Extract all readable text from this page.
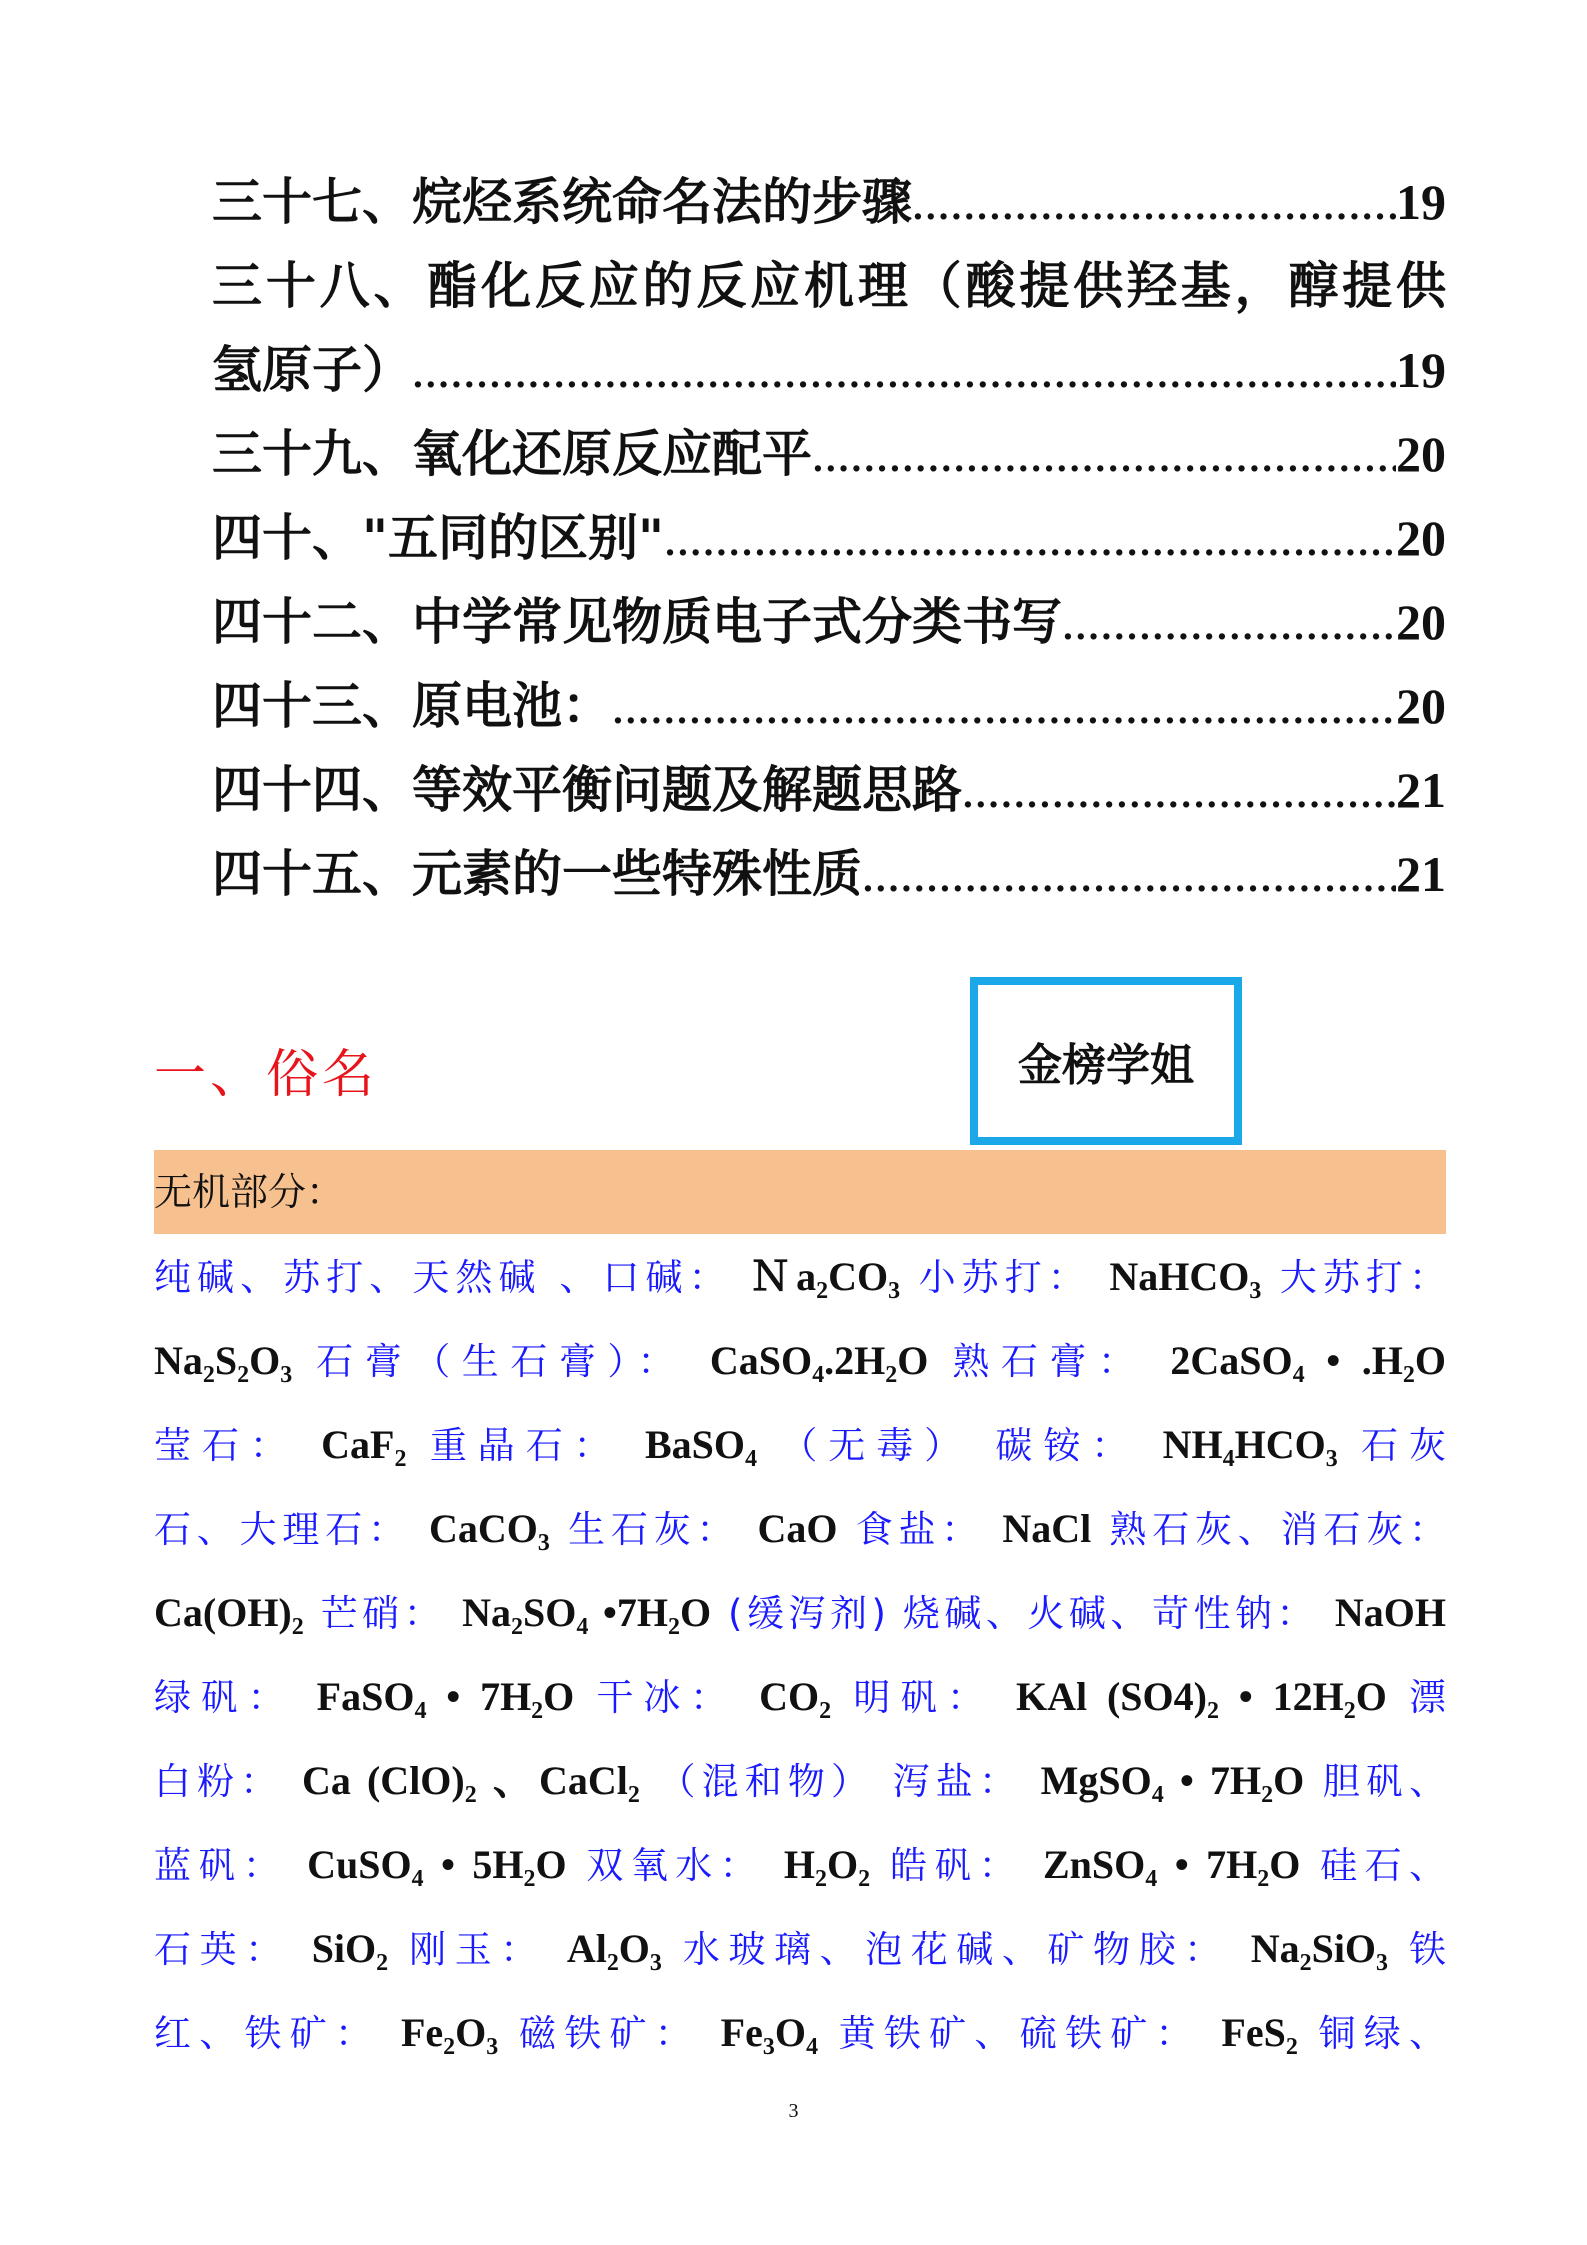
三十七、烷烃系统命名法的步骤 .....	19
三十八、酯化反应的反应机理（酸提供羟基，醇提供
氢原子） .....	19
三十九、氧化还原反应配平 .....	20
四十、"五同的区别" .....	20
四十二、中学常见物质电子式分类书写 .....	20
四十三、原电池： .....	20
四十四、等效平衡问题及解题思路 .....	21
四十五、元素的一些特殊性质 .....	21
一、俗名	金榜学姐
无机部分：
纯碱、苏打、天然碱 、口碱： Ｎa₂CO₃ 小苏打： NaHCO₃ 大苏打：
Na₂S₂O₃ 石膏（生石膏）： CaSO₄.2H₂O 熟石膏： 2CaSO₄ • .H₂O
莹石： CaF₂ 重晶石： BaSO₄ （无毒） 碳铵： NH₄HCO₃ 石灰
石、大理石： CaCO₃ 生石灰： CaO 食盐： NaCl 熟石灰、消石灰：
Ca(OH)₂ 芒硝： Na₂SO₄ •7H₂O (缓泻剂) 烧碱、火碱、苛性钠： NaOH
绿矾： FaSO₄ • 7H₂O 干冰： CO₂ 明矾： KAl (SO4)₂ • 12H₂O 漂
白粉： Ca (ClO)₂ 、CaCl₂ （混和物） 泻盐： MgSO₄ • 7H₂O 胆矾、
蓝矾： CuSO₄ • 5H₂O 双氧水： H₂O₂ 皓矾： ZnSO₄ • 7H₂O 硅石、
石英： SiO₂ 刚玉： Al₂O₃ 水玻璃、泡花碱、矿物胶： Na₂SiO₃ 铁
红、铁矿： Fe₂O₃ 磁铁矿： Fe₃O₄ 黄铁矿、硫铁矿： FeS₂ 铜绿、
3
